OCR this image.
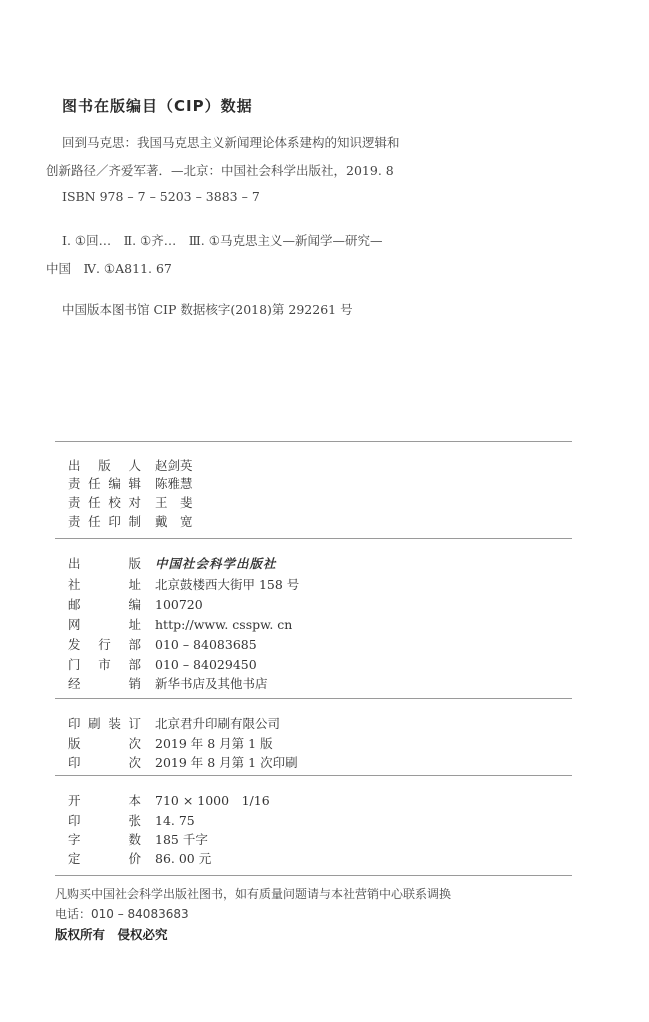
图书在版编目（CIP）数据
回到马克思：我国马克思主义新闻理论体系建构的知识逻辑和
创新路径／齐爱军著．—北京：中国社会科学出版社，2019. 8
ISBN 978 – 7 – 5203 – 3883 – 7
Ⅰ. ①回…　Ⅱ. ①齐…　Ⅲ. ①马克思主义—新闻学—研究—
中国　Ⅳ. ①A811. 67
中国版本图书馆 CIP 数据核字(2018)第 292261 号
出版人 赵剑英
责任编辑 陈雅慧
责任校对 王　斐
责任印制 戴　宽
出版 中国社会科学出版社
社址 北京鼓楼西大街甲 158 号
邮编 100720
网址 http://www. csspw. cn
发行部 010 – 84083685
门市部 010 – 84029450
经销 新华书店及其他书店
印刷装订 北京君升印刷有限公司
版次 2019 年 8 月第 1 版
印次 2019 年 8 月第 1 次印刷
开本 710 × 1000　1/16
印张 14. 75
字数 185 千字
定价 86. 00 元
凡购买中国社会科学出版社图书，如有质量问题请与本社营销中心联系调换
电话：010 – 84083683
版权所有　侵权必究
